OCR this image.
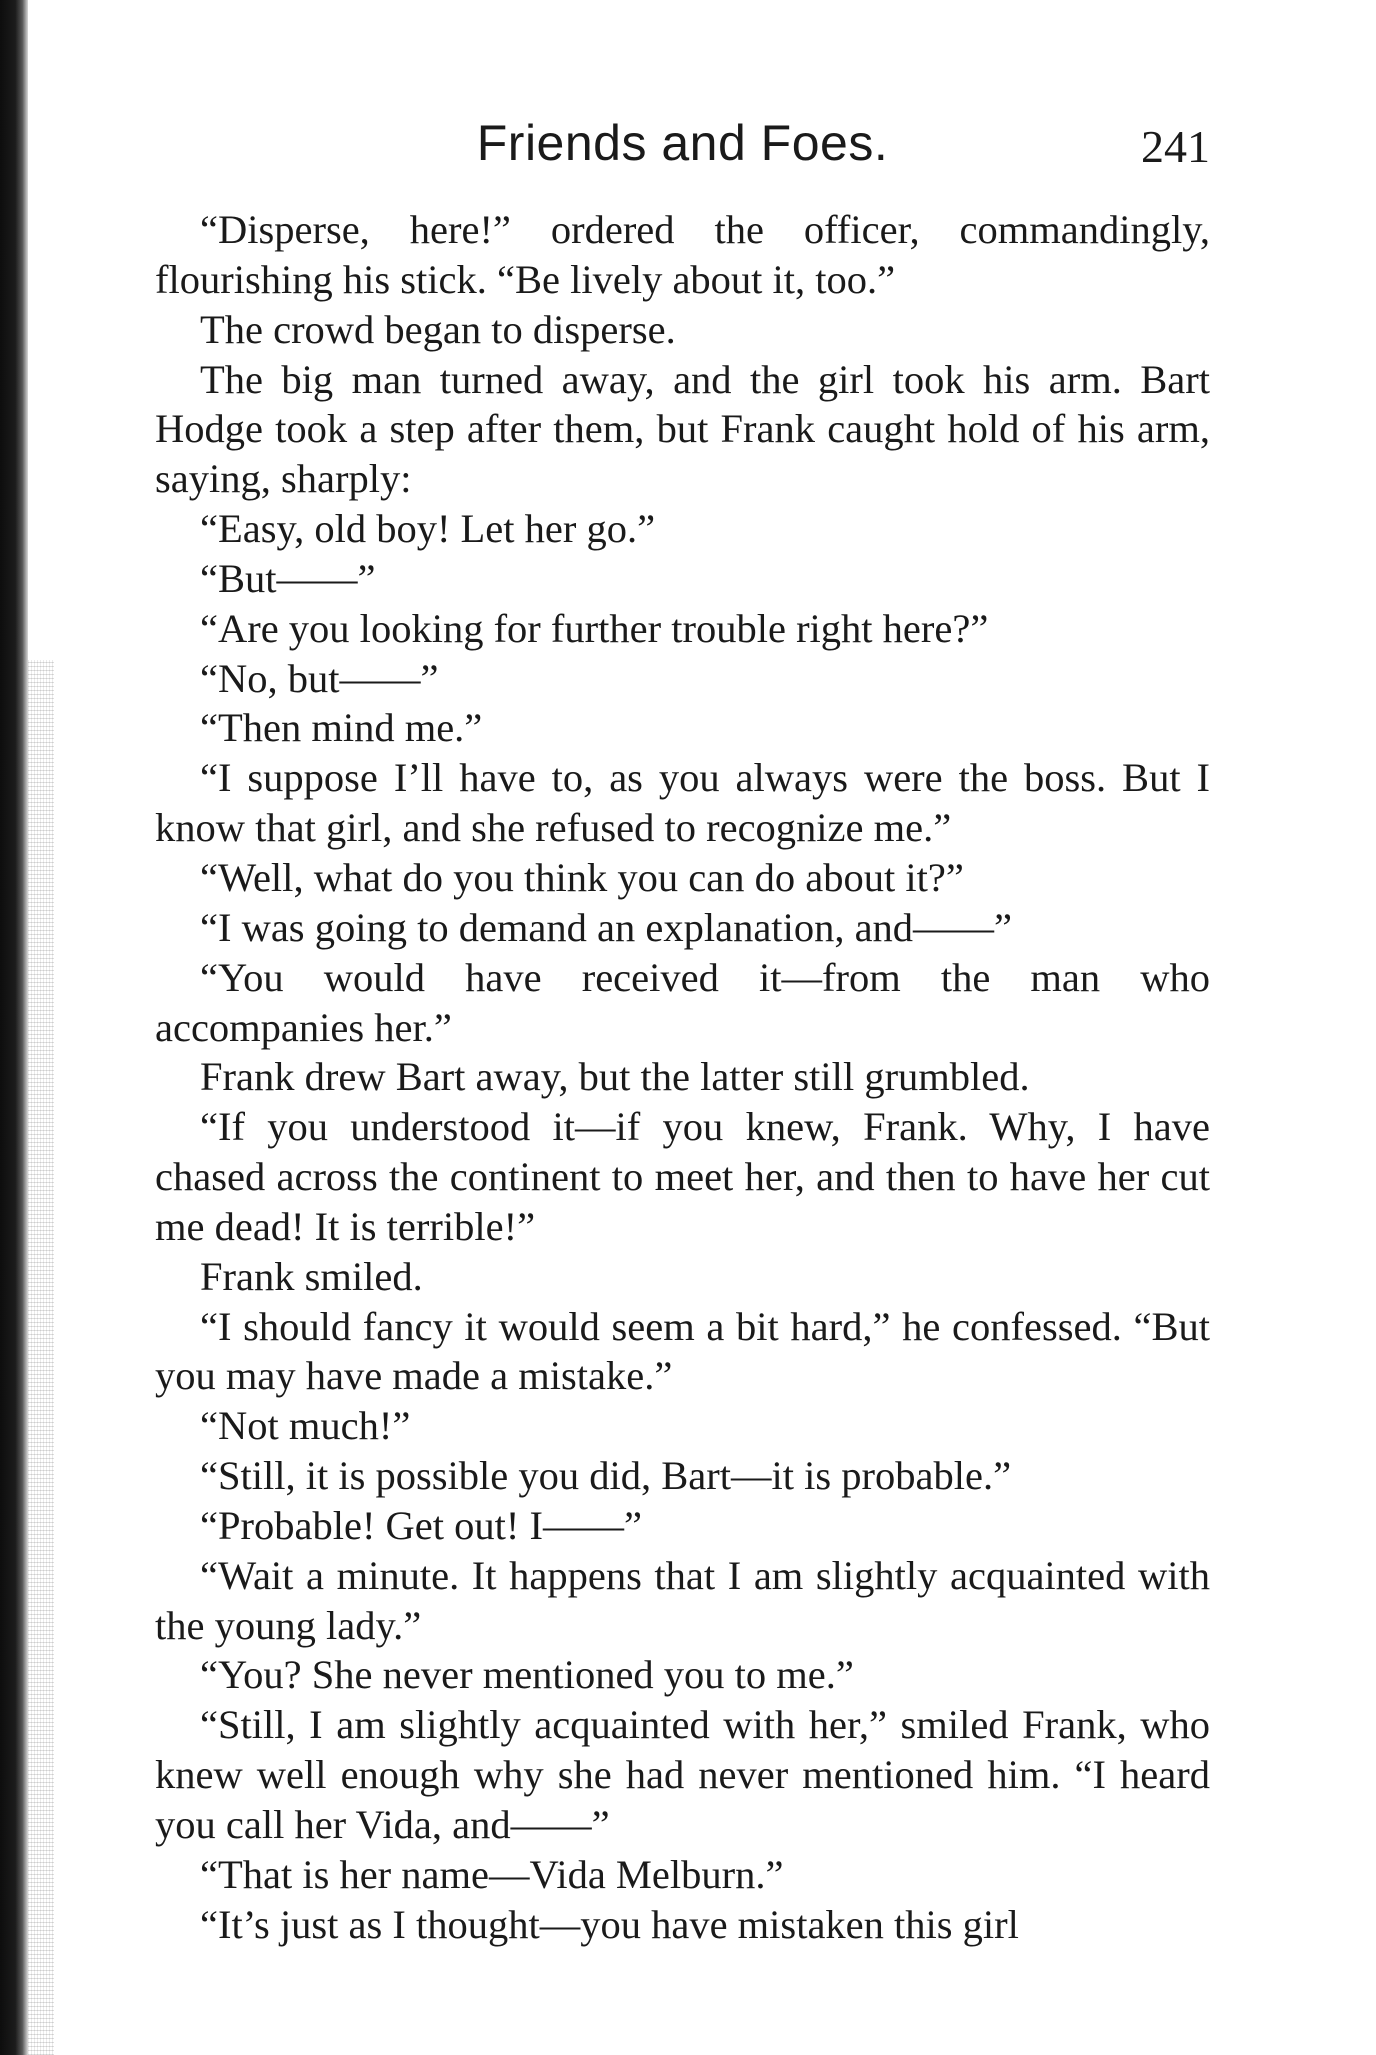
Friends and Foes.	241

“Disperse, here!” ordered the officer, commandingly, flourishing his stick. “Be lively about it, too.”

The crowd began to disperse.

The big man turned away, and the girl took his arm. Bart Hodge took a step after them, but Frank caught hold of his arm, saying, sharply:

“Easy, old boy! Let her go.”

“But——”

“Are you looking for further trouble right here?”

“No, but——”

“Then mind me.”

“I suppose I’ll have to, as you always were the boss. But I know that girl, and she refused to recognize me.”

“Well, what do you think you can do about it?”

“I was going to demand an explanation, and——”

“You would have received it—from the man who accompanies her.”

Frank drew Bart away, but the latter still grumbled.

“If you understood it—if you knew, Frank. Why, I have chased across the continent to meet her, and then to have her cut me dead! It is terrible!”

Frank smiled.

“I should fancy it would seem a bit hard,” he confessed. “But you may have made a mistake.”

“Not much!”

“Still, it is possible you did, Bart—it is probable.”

“Probable! Get out! I——”

“Wait a minute. It happens that I am slightly acquainted with the young lady.”

“You? She never mentioned you to me.”

“Still, I am slightly acquainted with her,” smiled Frank, who knew well enough why she had never mentioned him. “I heard you call her Vida, and——”

“That is her name—Vida Melburn.”

“It’s just as I thought—you have mistaken this girl
